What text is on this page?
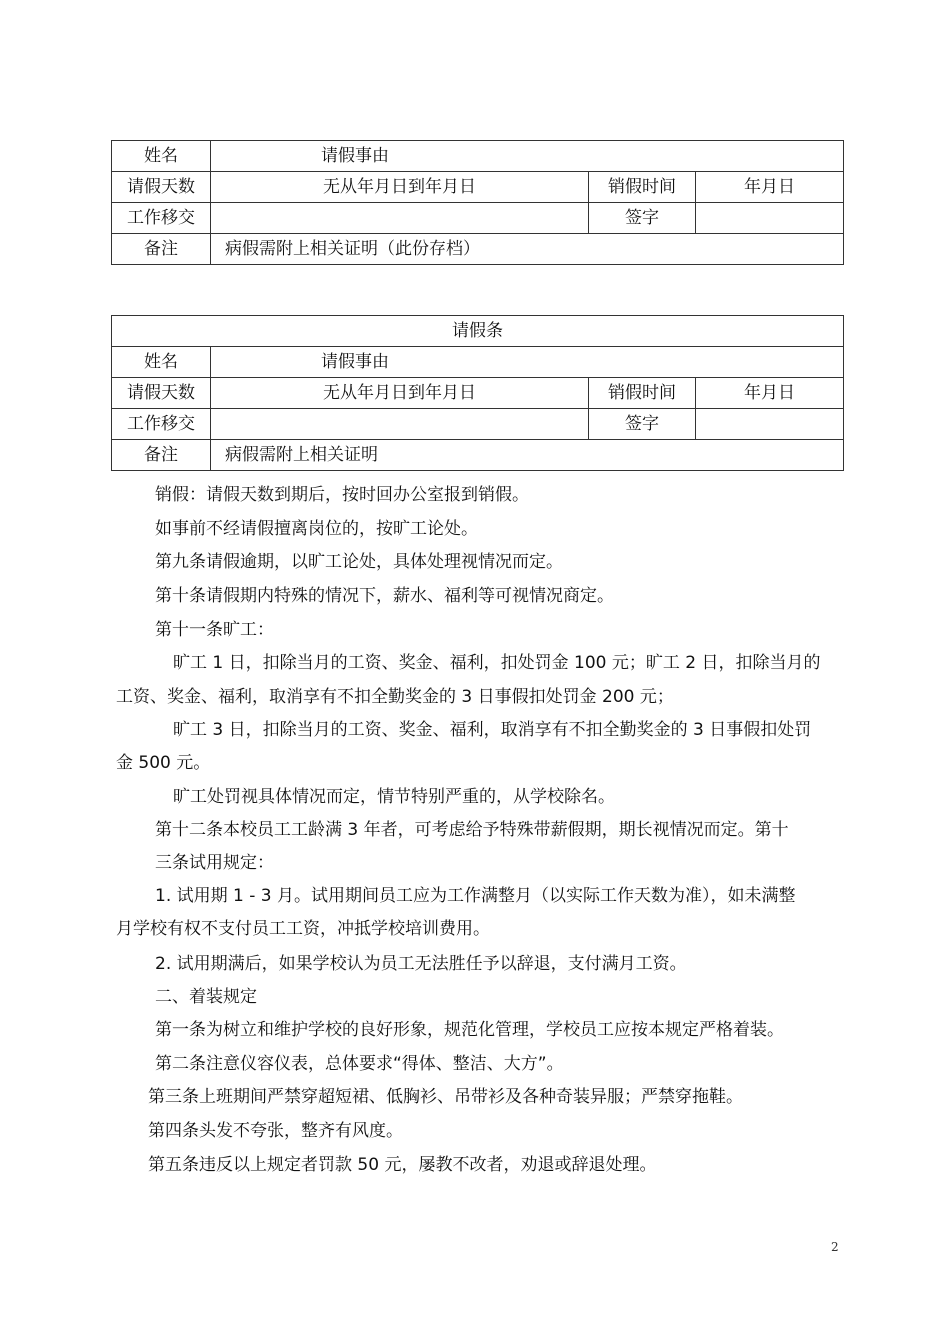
姓名	请假事由		
请假天数	无从年月日到年月日	销假时间	年月日
工作移交		签字	
备注	病假需附上相关证明（此份存档）		
请假条			
姓名	请假事由		
请假天数	无从年月日到年月日	销假时间	年月日
工作移交		签字	
备注	病假需附上相关证明		
销假：请假天数到期后，按时回办公室报到销假。
如事前不经请假擅离岗位的，按旷工论处。
第九条请假逾期，以旷工论处，具体处理视情况而定。
第十条请假期内特殊的情况下，薪水、福利等可视情况商定。
第十一条旷工：
旷工 1 日，扣除当月的工资、奖金、福利，扣处罚金 100 元；旷工 2 日，扣除当月的
工资、奖金、福利，取消享有不扣全勤奖金的 3 日事假扣处罚金 200 元；
旷工 3 日，扣除当月的工资、奖金、福利，取消享有不扣全勤奖金的 3 日事假扣处罚
金 500 元。
旷工处罚视具体情况而定，情节特别严重的，从学校除名。
第十二条本校员工工龄满 3 年者，可考虑给予特殊带薪假期，期长视情况而定。第十
三条试用规定：
1. 试用期 1 - 3 月。试用期间员工应为工作满整月（以实际工作天数为准），如未满整
月学校有权不支付员工工资，冲抵学校培训费用。
2. 试用期满后，如果学校认为员工无法胜任予以辞退，支付满月工资。
二、着装规定
第一条为树立和维护学校的良好形象，规范化管理，学校员工应按本规定严格着装。
第二条注意仪容仪表，总体要求“得体、整洁、大方”。
第三条上班期间严禁穿超短裙、低胸衫、吊带衫及各种奇装异服；严禁穿拖鞋。
第四条头发不夸张，整齐有风度。
第五条违反以上规定者罚款 50 元，屡教不改者，劝退或辞退处理。
2
